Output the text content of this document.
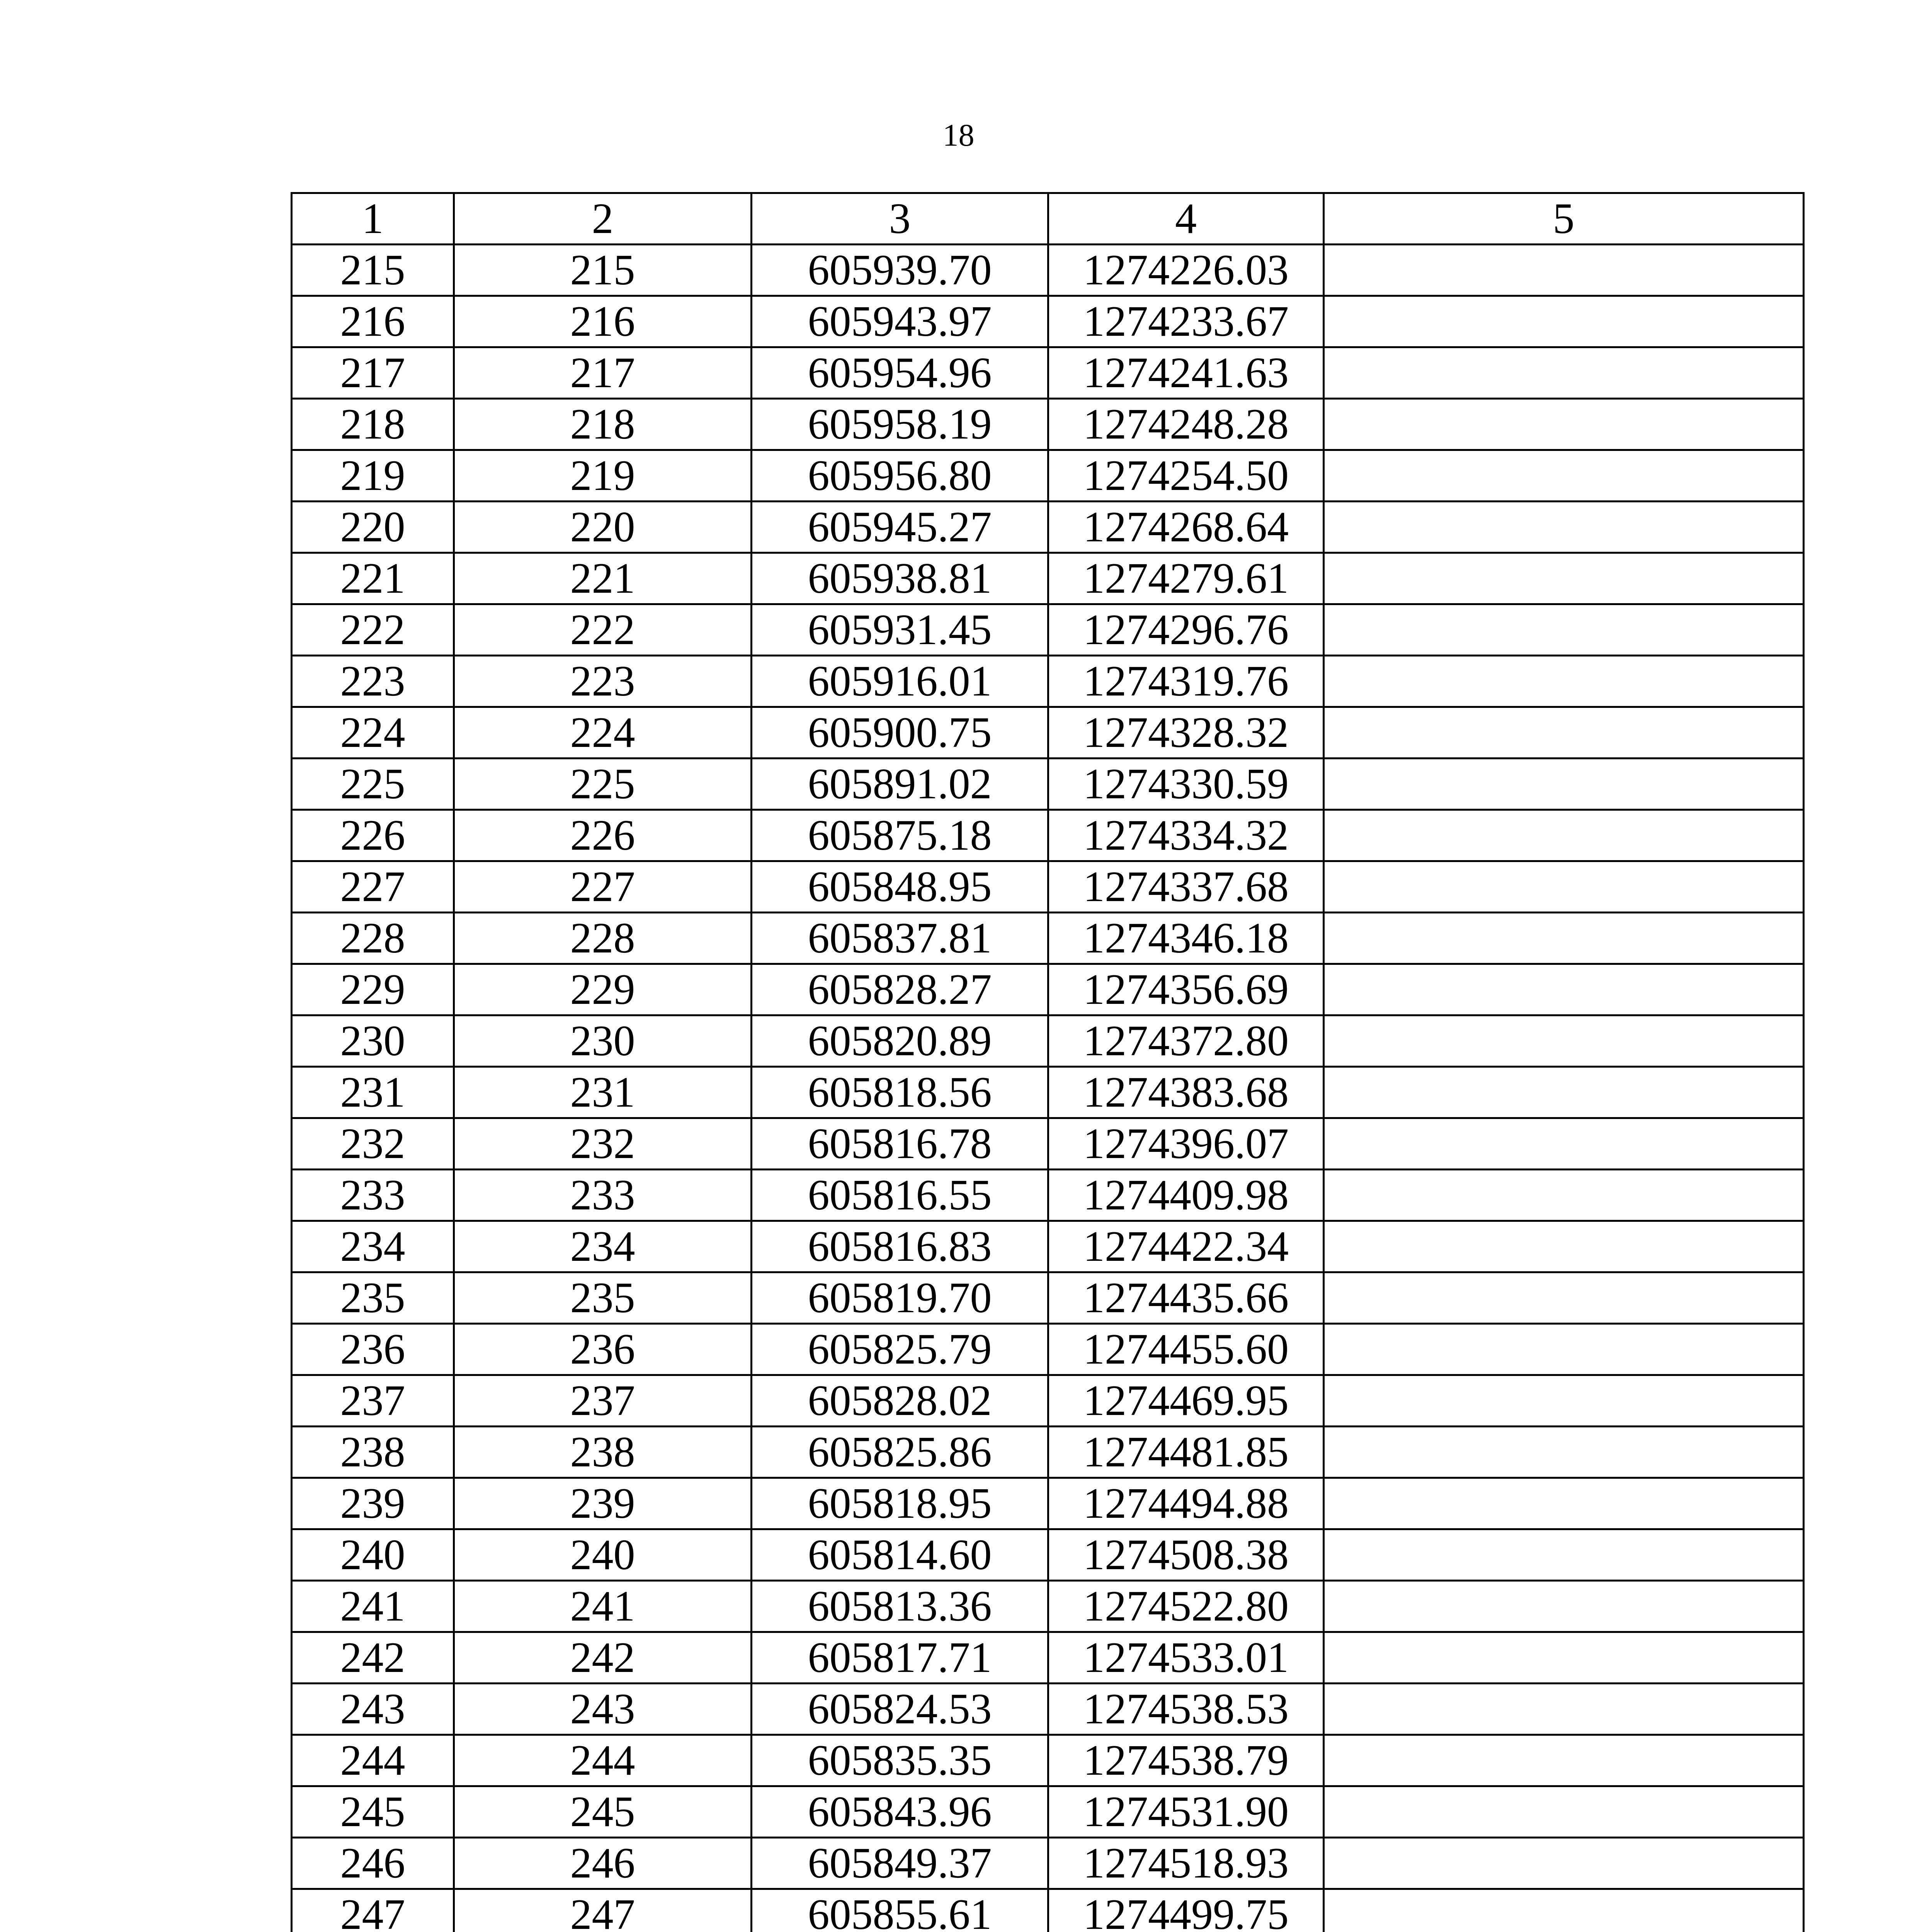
18
1	2	3	4	5
215	215	605939.70	1274226.03	
216	216	605943.97	1274233.67	
217	217	605954.96	1274241.63	
218	218	605958.19	1274248.28	
219	219	605956.80	1274254.50	
220	220	605945.27	1274268.64	
221	221	605938.81	1274279.61	
222	222	605931.45	1274296.76	
223	223	605916.01	1274319.76	
224	224	605900.75	1274328.32	
225	225	605891.02	1274330.59	
226	226	605875.18	1274334.32	
227	227	605848.95	1274337.68	
228	228	605837.81	1274346.18	
229	229	605828.27	1274356.69	
230	230	605820.89	1274372.80	
231	231	605818.56	1274383.68	
232	232	605816.78	1274396.07	
233	233	605816.55	1274409.98	
234	234	605816.83	1274422.34	
235	235	605819.70	1274435.66	
236	236	605825.79	1274455.60	
237	237	605828.02	1274469.95	
238	238	605825.86	1274481.85	
239	239	605818.95	1274494.88	
240	240	605814.60	1274508.38	
241	241	605813.36	1274522.80	
242	242	605817.71	1274533.01	
243	243	605824.53	1274538.53	
244	244	605835.35	1274538.79	
245	245	605843.96	1274531.90	
246	246	605849.37	1274518.93	
247	247	605855.61	1274499.75	
